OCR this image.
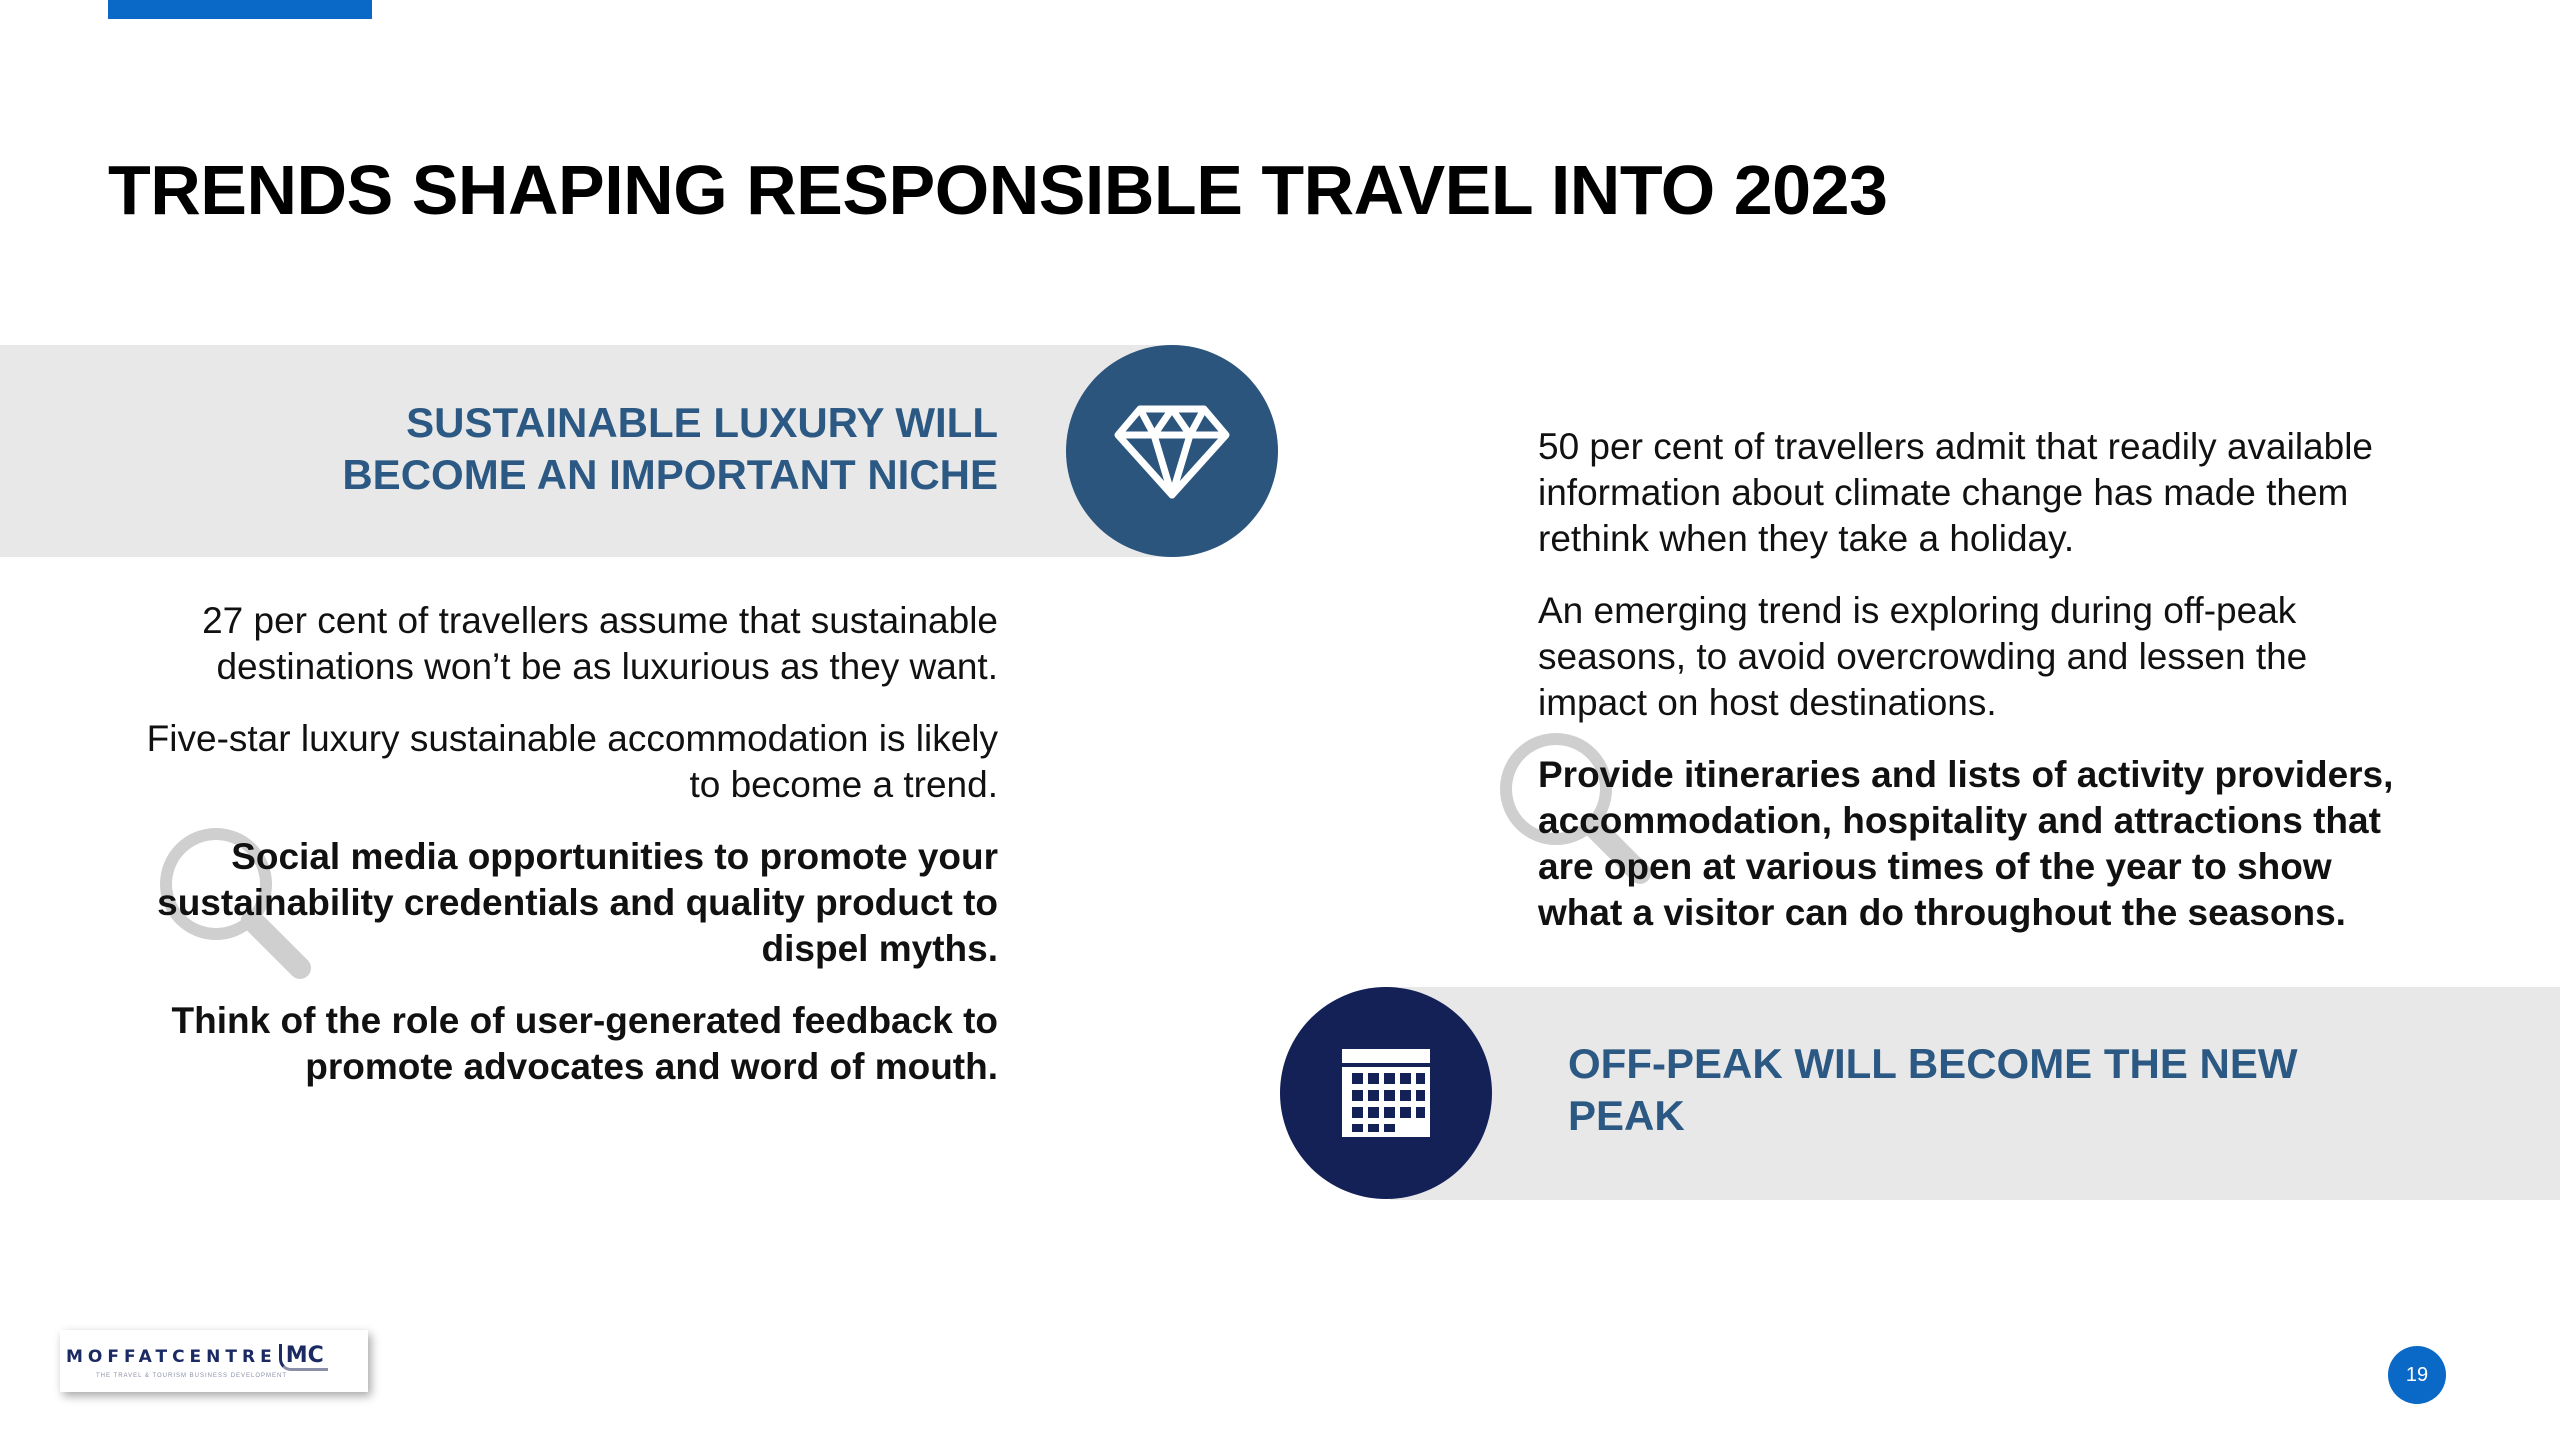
TRENDS SHAPING RESPONSIBLE TRAVEL INTO 2023
SUSTAINABLE LUXURY WILL
BECOME AN IMPORTANT NICHE

27 per cent of travellers assume that sustainable destinations won’t be as luxurious as they want.

Five-star luxury sustainable accommodation is likely to become a trend.

Social media opportunities to promote your sustainability credentials and quality product to dispel myths.

Think of the role of user-generated feedback to promote advocates and word of mouth.

50 per cent of travellers admit that readily available information about climate change has made them rethink when they take a holiday.

An emerging trend is exploring during off-peak seasons, to avoid overcrowding and lessen the impact on host destinations.

Provide itineraries and lists of activity providers, accommodation, hospitality and attractions that are open at various times of the year to show what a visitor can do throughout the seasons.

OFF-PEAK WILL BECOME THE NEW
PEAK
MOFFATCENTRE MC
THE TRAVEL & TOURISM BUSINESS DEVELOPMENT	19
